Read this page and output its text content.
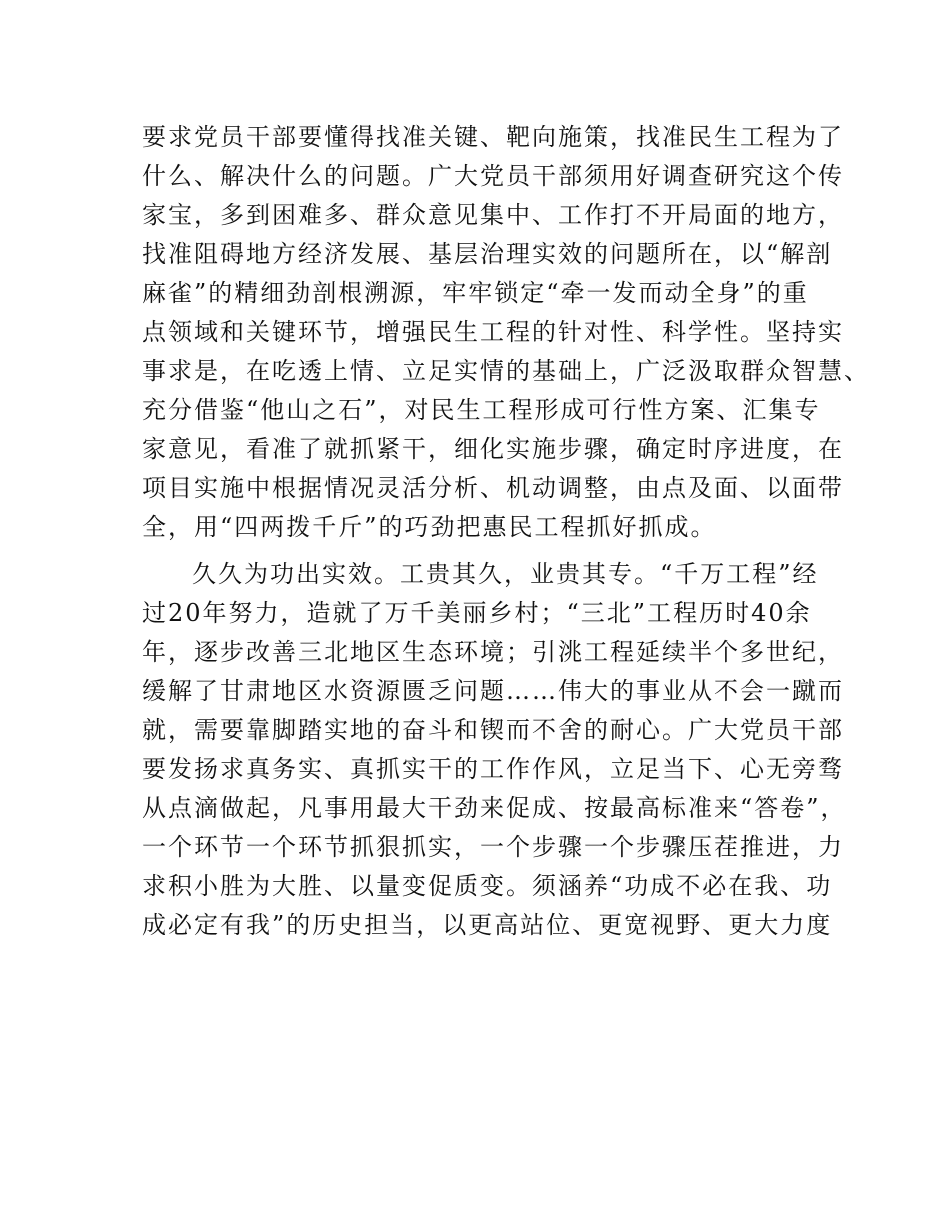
要求党员干部要懂得找准关键、靶向施策，找准民生工程为了
什么、解决什么的问题。广大党员干部须用好调查研究这个传
家宝，多到困难多、群众意见集中、工作打不开局面的地方，
找准阻碍地方经济发展、基层治理实效的问题所在，以“解剖
麻雀”的精细劲剖根溯源，牢牢锁定“牵一发而动全身”的重
点领域和关键环节，增强民生工程的针对性、科学性。坚持实
事求是，在吃透上情、立足实情的基础上，广泛汲取群众智慧、
充分借鉴“他山之石”，对民生工程形成可行性方案、汇集专
家意见，看准了就抓紧干，细化实施步骤，确定时序进度，在
项目实施中根据情况灵活分析、机动调整，由点及面、以面带
全，用“四两拨千斤”的巧劲把惠民工程抓好抓成。
久久为功出实效。工贵其久，业贵其专。“千万工程”经
过20年努力，造就了万千美丽乡村；“三北”工程历时40余
年，逐步改善三北地区生态环境；引洮工程延续半个多世纪，
缓解了甘肃地区水资源匮乏问题……伟大的事业从不会一蹴而
就，需要靠脚踏实地的奋斗和锲而不舍的耐心。广大党员干部
要发扬求真务实、真抓实干的工作作风，立足当下、心无旁骛
从点滴做起，凡事用最大干劲来促成、按最高标准来“答卷”，
一个环节一个环节抓狠抓实，一个步骤一个步骤压茬推进，力
求积小胜为大胜、以量变促质变。须涵养“功成不必在我、功
成必定有我”的历史担当，以更高站位、更宽视野、更大力度
